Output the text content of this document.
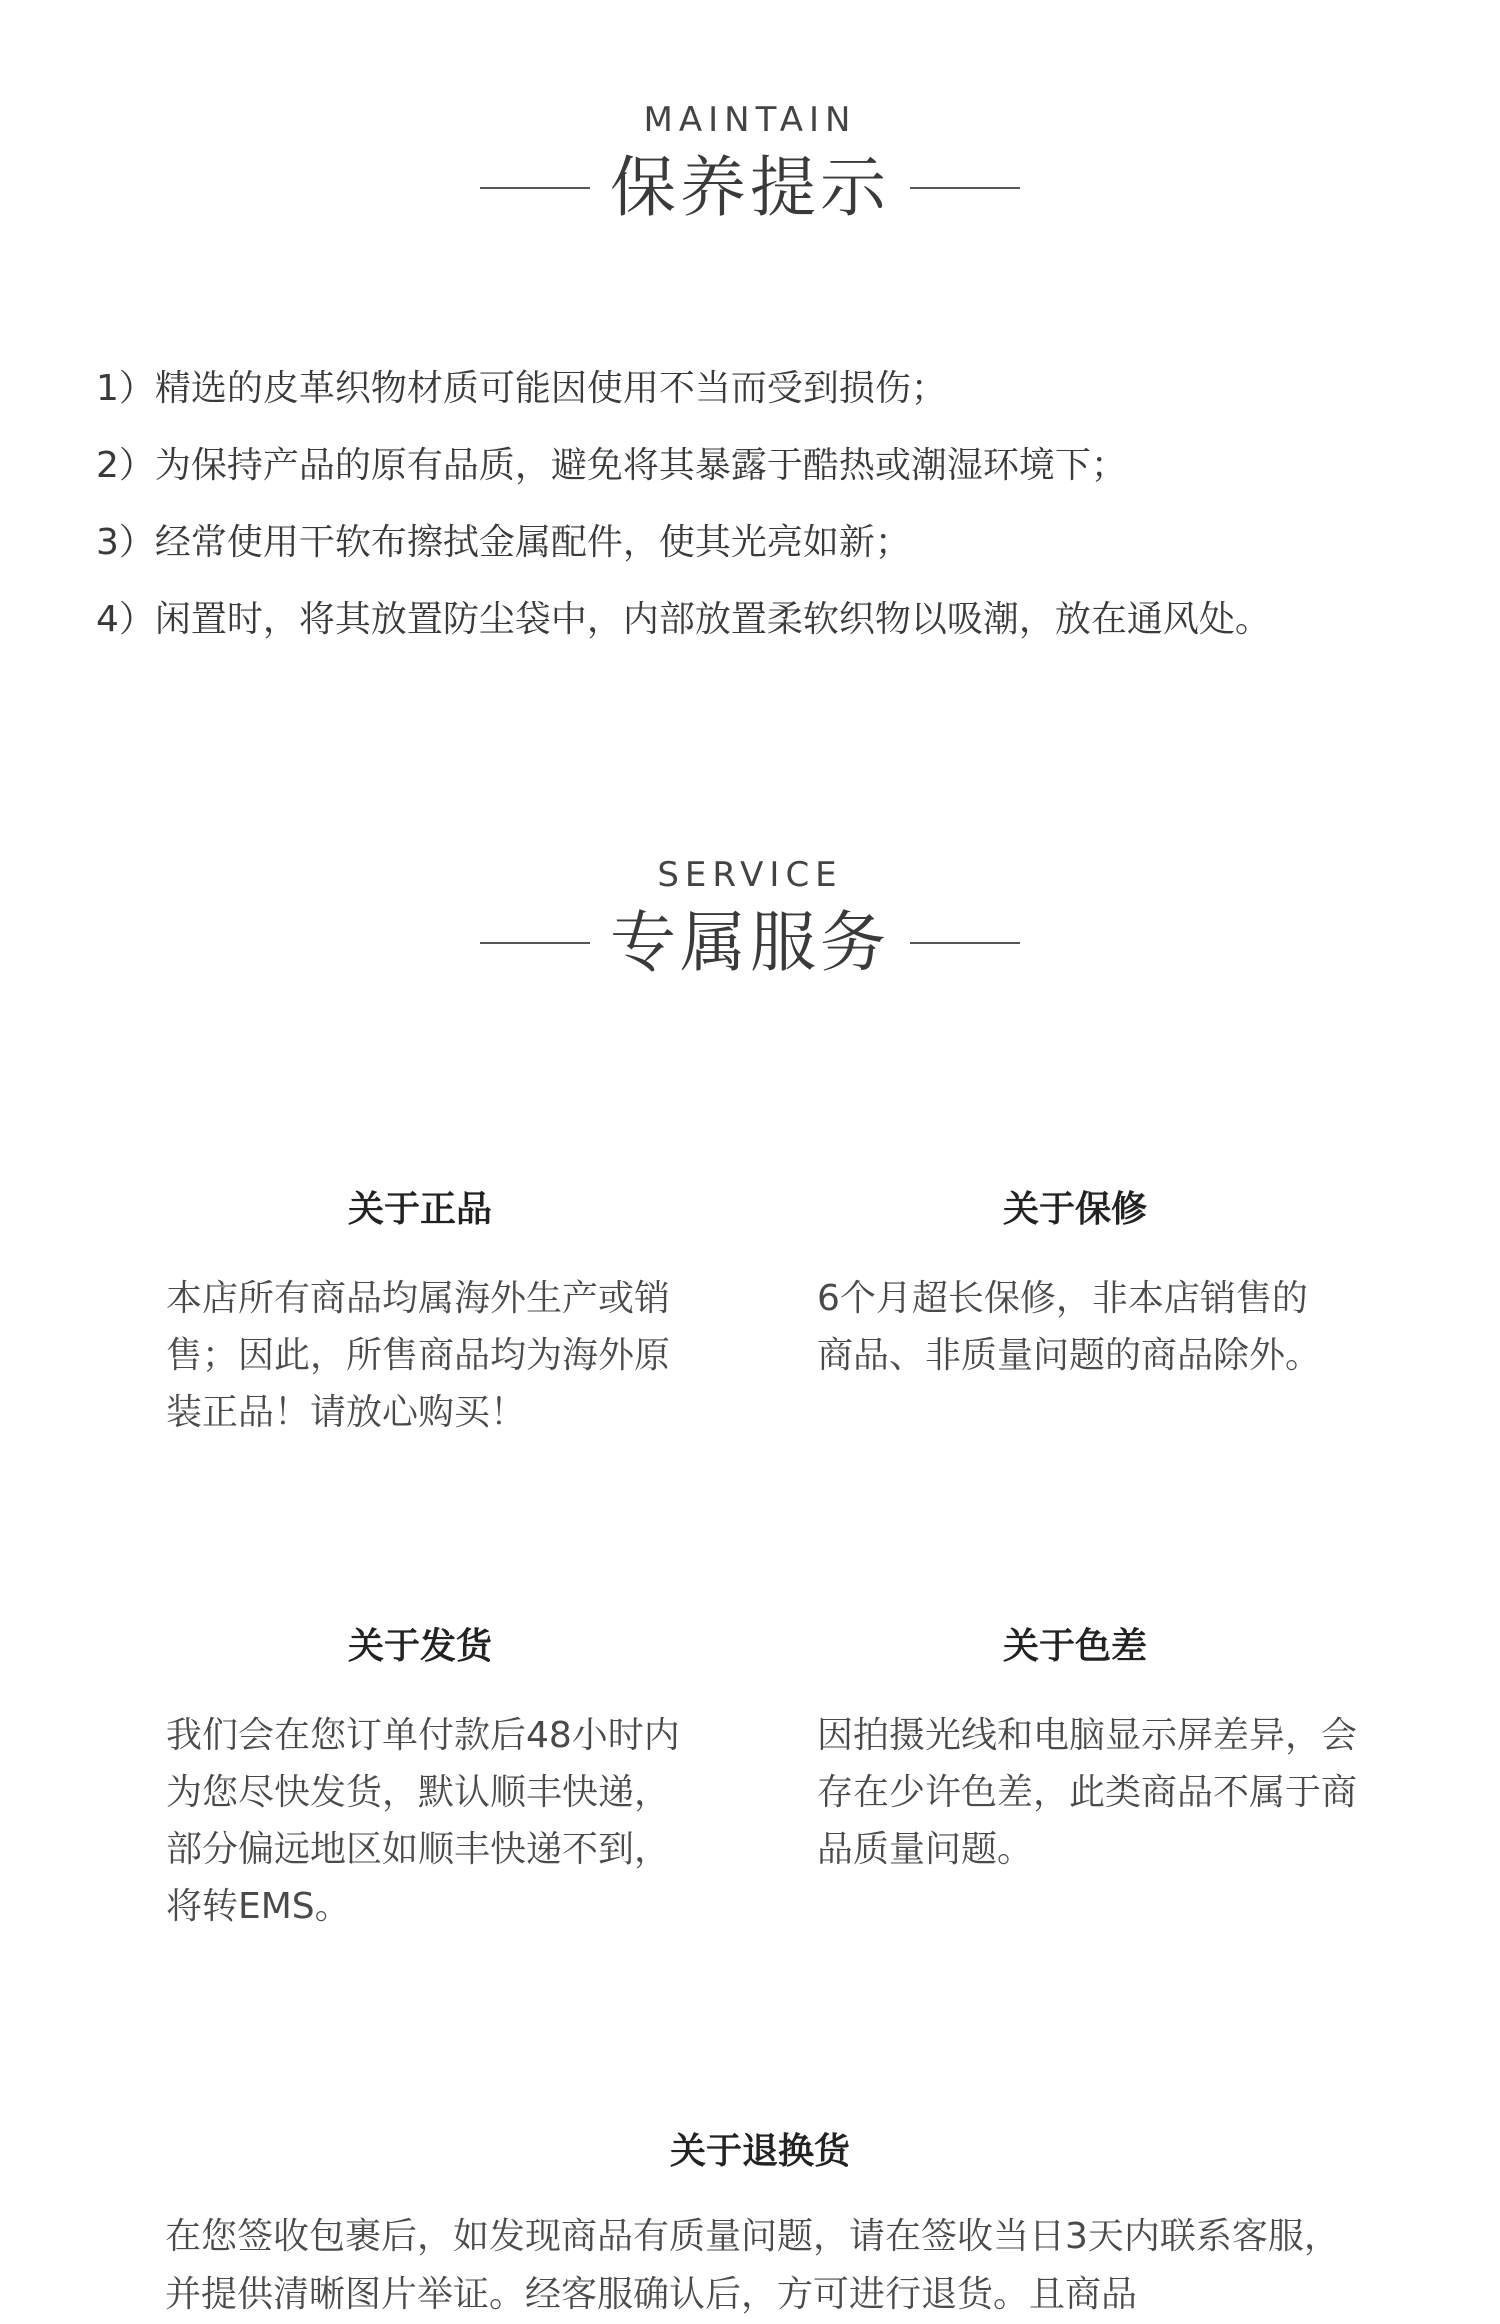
MAINTAIN
保养提示
1）精选的皮革织物材质可能因使用不当而受到损伤；
2）为保持产品的原有品质，避免将其暴露于酷热或潮湿环境下；
3）经常使用干软布擦拭金属配件，使其光亮如新；
4）闲置时，将其放置防尘袋中，内部放置柔软织物以吸潮，放在通风处。
SERVICE
专属服务
关于正品
本店所有商品均属海外生产或销售；因此，所售商品均为海外原装正品！请放心购买！
关于保修
6个月超长保修，非本店销售的商品、非质量问题的商品除外。
关于发货
我们会在您订单付款后48小时内为您尽快发货，默认顺丰快递，部分偏远地区如顺丰快递不到，将转EMS。
关于色差
因拍摄光线和电脑显示屏差异，会存在少许色差，此类商品不属于商品质量问题。
关于退换货
在您签收包裹后，如发现商品有质量问题，请在签收当日3天内联系客服，并提供清晰图片举证。经客服确认后，方可进行退货。且商品
